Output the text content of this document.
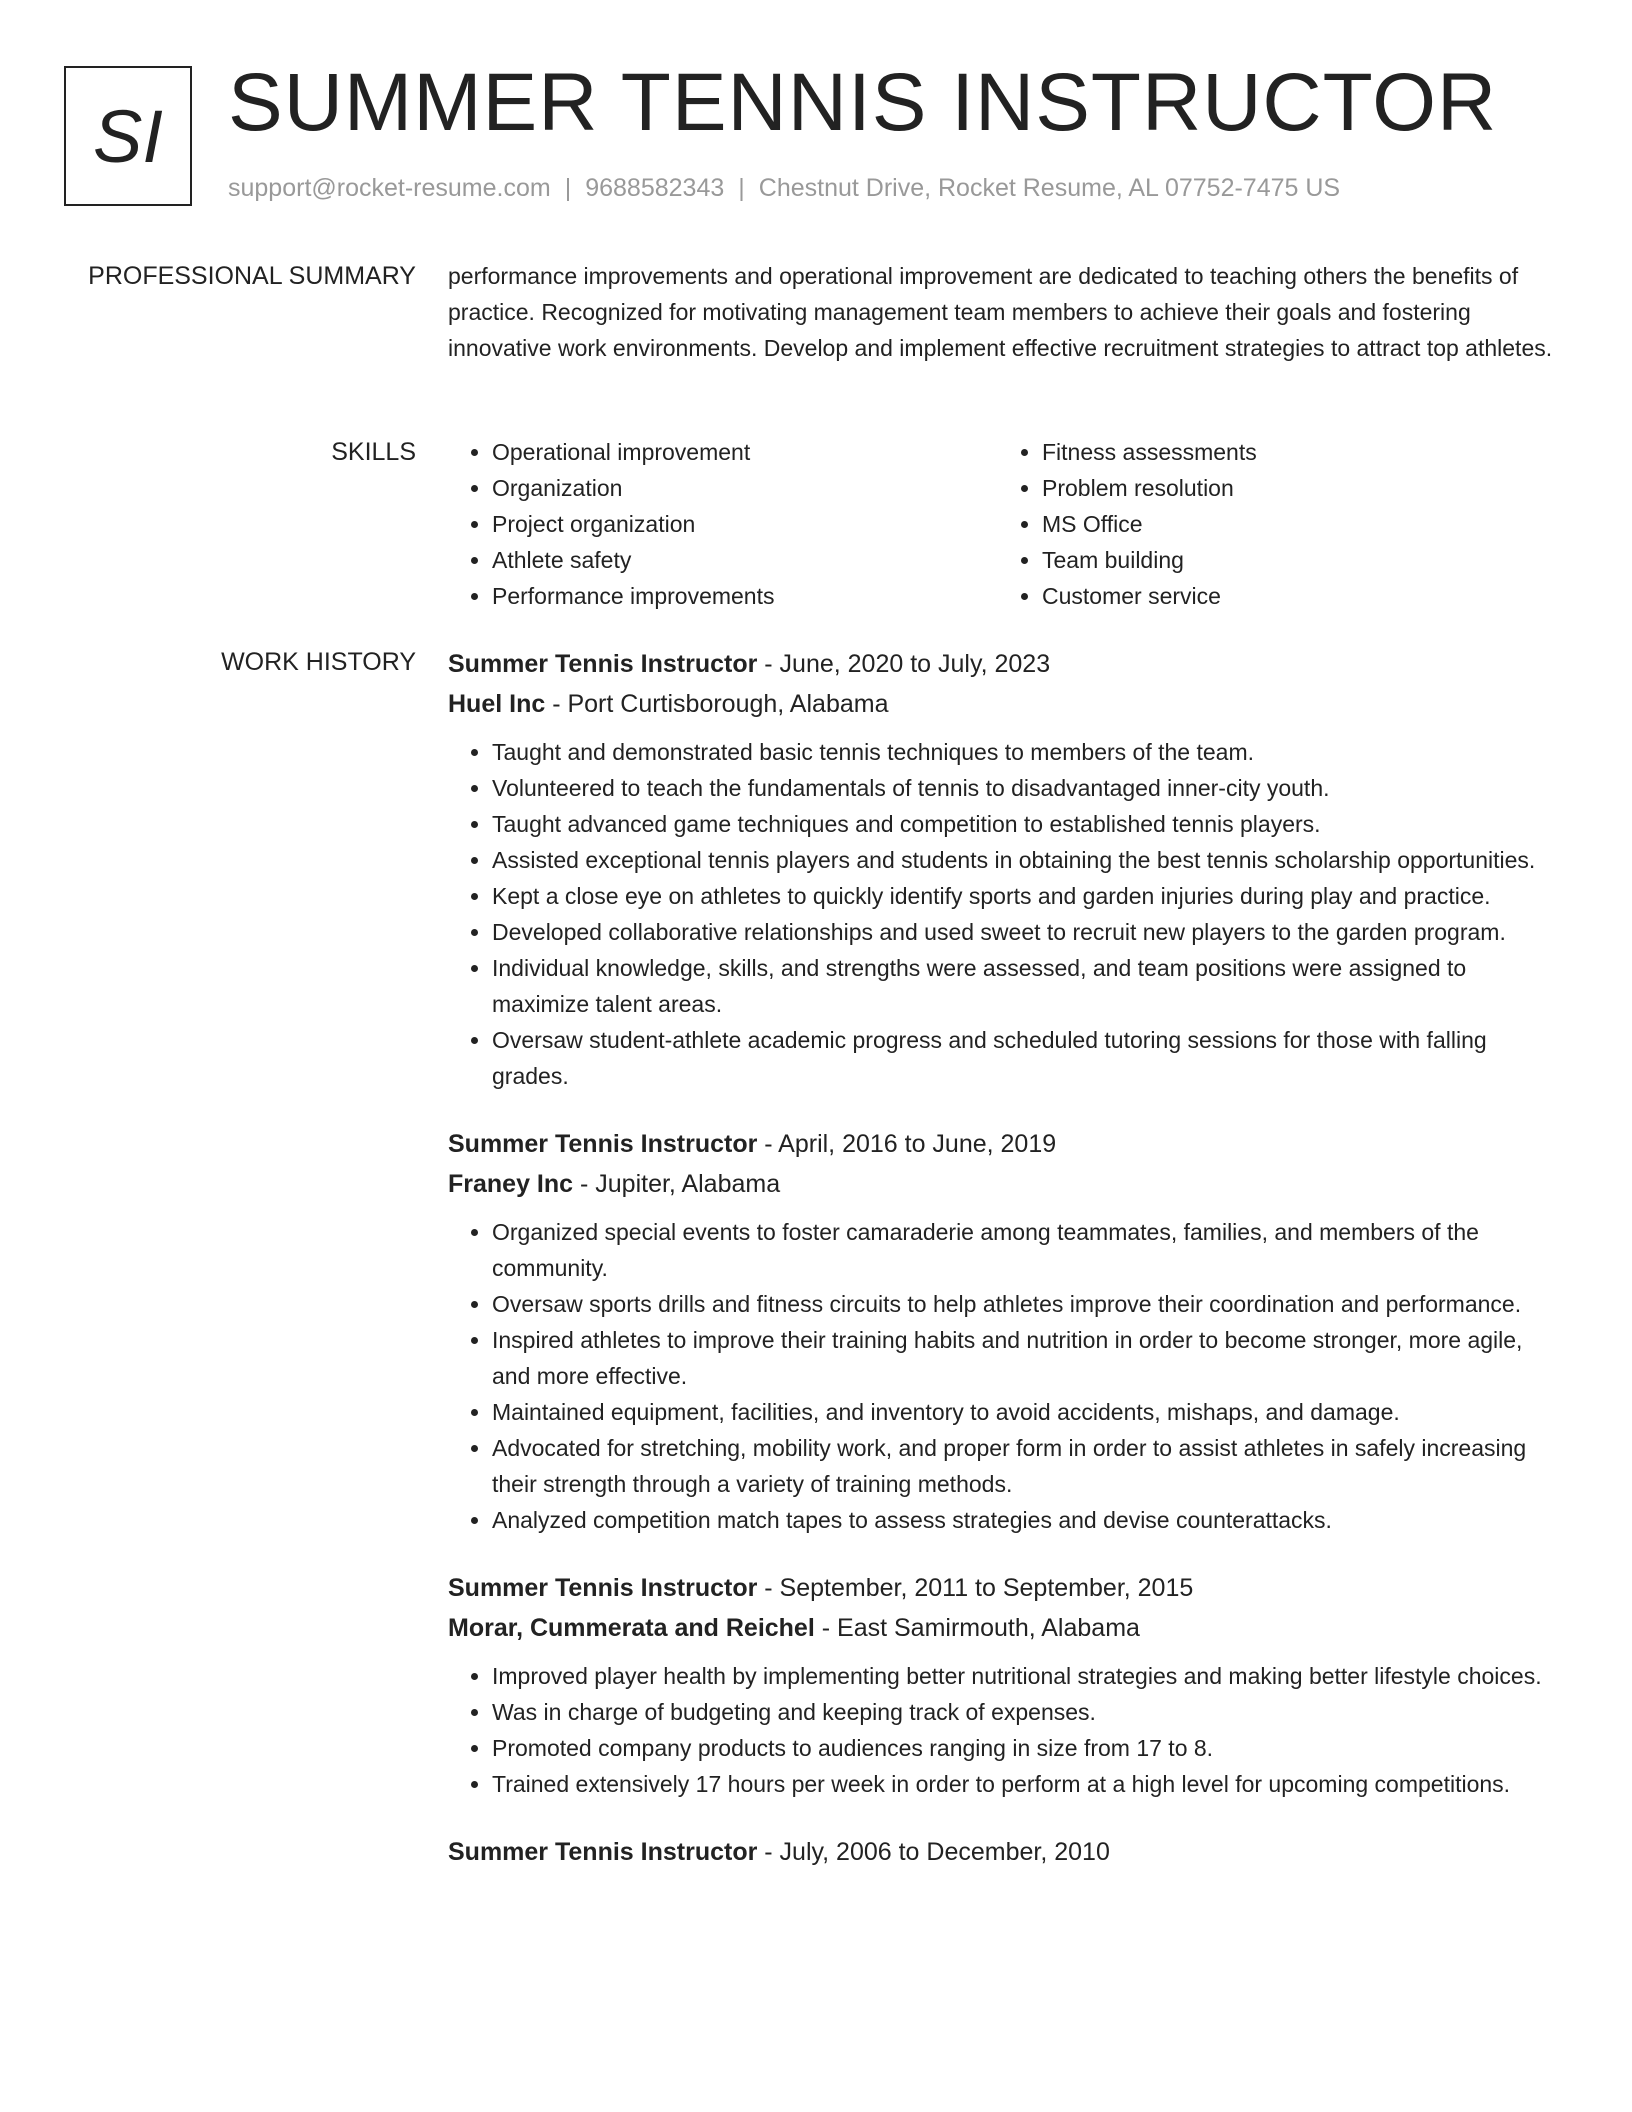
SI SUMMER TENNIS INSTRUCTOR
support@rocket-resume.com | 9688582343 | Chestnut Drive, Rocket Resume, AL 07752-7475 US
PROFESSIONAL SUMMARY performance improvements and operational improvement are dedicated to teaching others the benefits of practice. Recognized for motivating management team members to achieve their goals and fostering innovative work environments. Develop and implement effective recruitment strategies to attract top athletes.

SKILLS
•	Operational improvement
• Organization
• Project organization
• Athlete safety
• Performance improvements
• Fitness assessments
• Problem resolution
• MS Office
• Team building
• Customer service
WORK HISTORY Summer Tennis Instructor - June, 2020 to July, 2023
Huel Inc - Port Curtisborough, Alabama
• Taught and demonstrated basic tennis techniques to members of the team.
• Volunteered to teach the fundamentals of tennis to disadvantaged inner-city youth.
• Taught advanced game techniques and competition to established tennis players.
• Assisted exceptional tennis players and students in obtaining the best tennis scholarship opportunities.
• Kept a close eye on athletes to quickly identify sports and garden injuries during play and practice.
• Developed collaborative relationships and used sweet to recruit new players to the garden program.
• Individual knowledge, skills, and strengths were assessed, and team positions were assigned to maximize talent areas.
• Oversaw student-athlete academic progress and scheduled tutoring sessions for those with falling grades.
Summer Tennis Instructor - April, 2016 to June, 2019
Franey Inc - Jupiter, Alabama
• Organized special events to foster camaraderie among teammates, families, and members of the community.
• Oversaw sports drills and fitness circuits to help athletes improve their coordination and performance.
• Inspired athletes to improve their training habits and nutrition in order to become stronger, more agile, and more effective.
• Maintained equipment, facilities, and inventory to avoid accidents, mishaps, and damage.
• Advocated for stretching, mobility work, and proper form in order to assist athletes in safely increasing their strength through a variety of training methods.
• Analyzed competition match tapes to assess strategies and devise counterattacks.
Summer Tennis Instructor - September, 2011 to September, 2015
Morar, Cummerata and Reichel - East Samirmouth, Alabama
• Improved player health by implementing better nutritional strategies and making better lifestyle choices.
• Was in charge of budgeting and keeping track of expenses.
• Promoted company products to audiences ranging in size from 17 to 8.
• Trained extensively 17 hours per week in order to perform at a high level for upcoming competitions.
Summer Tennis Instructor - July, 2006 to December, 2010
